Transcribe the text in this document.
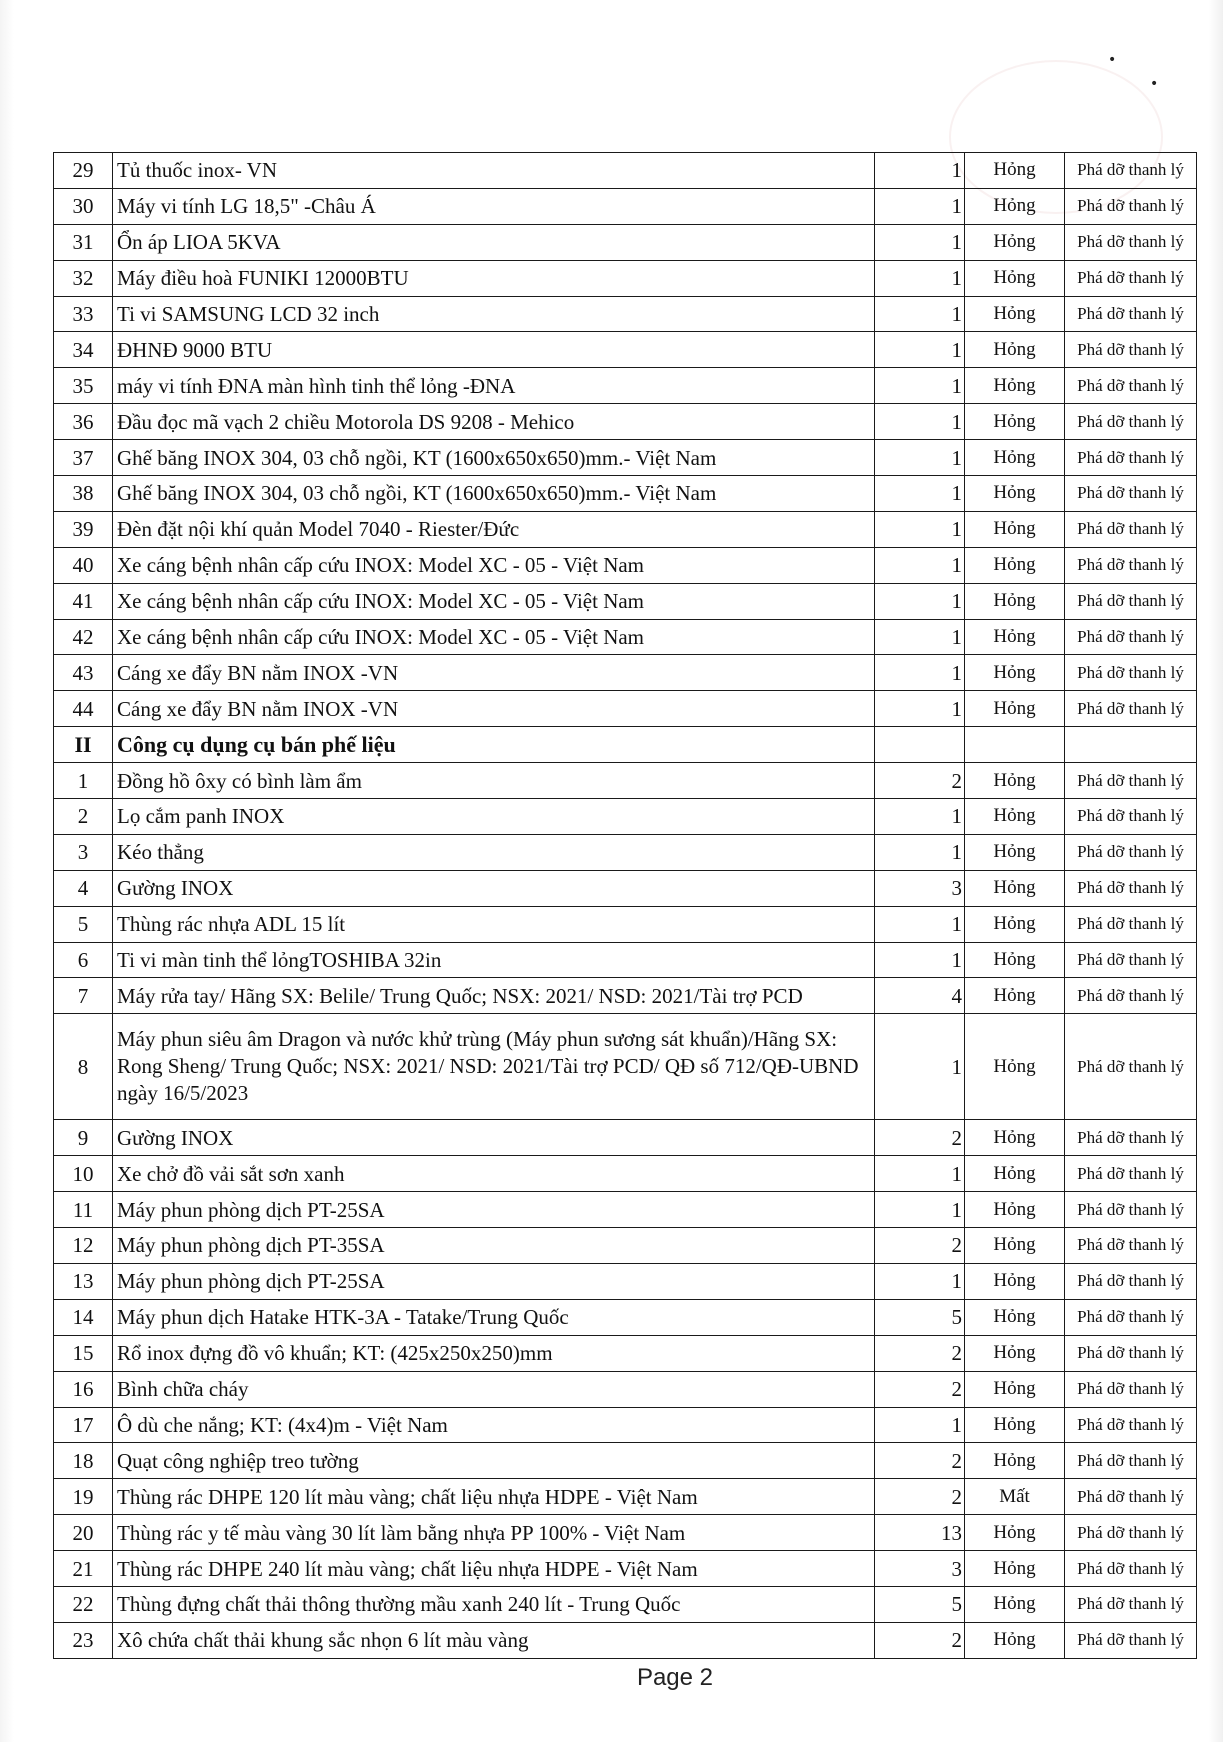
•
•
29	Tủ thuốc inox- VN	1	Hỏng	Phá dỡ thanh lý
30	Máy vi tính LG 18,5" -Châu Á	1	Hỏng	Phá dỡ thanh lý
31	Ổn áp LIOA 5KVA	1	Hỏng	Phá dỡ thanh lý
32	Máy điều hoà FUNIKI 12000BTU	1	Hỏng	Phá dỡ thanh lý
33	Ti vi SAMSUNG LCD 32 inch	1	Hỏng	Phá dỡ thanh lý
34	ĐHNĐ 9000 BTU	1	Hỏng	Phá dỡ thanh lý
35	máy vi tính ĐNA màn hình tinh thể lỏng -ĐNA	1	Hỏng	Phá dỡ thanh lý
36	Đầu đọc mã vạch 2 chiều Motorola DS 9208 - Mehico	1	Hỏng	Phá dỡ thanh lý
37	Ghế băng INOX 304, 03 chỗ ngồi, KT (1600x650x650)mm.- Việt Nam	1	Hỏng	Phá dỡ thanh lý
38	Ghế băng INOX 304, 03 chỗ ngồi, KT (1600x650x650)mm.- Việt Nam	1	Hỏng	Phá dỡ thanh lý
39	Đèn đặt nội khí quản Model 7040 - Riester/Đức	1	Hỏng	Phá dỡ thanh lý
40	Xe cáng bệnh nhân cấp cứu INOX: Model XC - 05 - Việt Nam	1	Hỏng	Phá dỡ thanh lý
41	Xe cáng bệnh nhân cấp cứu INOX: Model XC - 05 - Việt Nam	1	Hỏng	Phá dỡ thanh lý
42	Xe cáng bệnh nhân cấp cứu INOX: Model XC - 05 - Việt Nam	1	Hỏng	Phá dỡ thanh lý
43	Cáng xe đẩy BN nằm INOX -VN	1	Hỏng	Phá dỡ thanh lý
44	Cáng xe đẩy BN nằm INOX -VN	1	Hỏng	Phá dỡ thanh lý
II	Công cụ dụng cụ bán phế liệu			
1	Đồng hồ ôxy có bình làm ẩm	2	Hỏng	Phá dỡ thanh lý
2	Lọ cắm panh INOX	1	Hỏng	Phá dỡ thanh lý
3	Kéo thẳng	1	Hỏng	Phá dỡ thanh lý
4	Gường INOX	3	Hỏng	Phá dỡ thanh lý
5	Thùng rác nhựa ADL 15 lít	1	Hỏng	Phá dỡ thanh lý
6	Ti vi màn tinh thể lỏngTOSHIBA 32in	1	Hỏng	Phá dỡ thanh lý
7	Máy rửa tay/ Hãng SX: Belile/ Trung Quốc; NSX: 2021/ NSD: 2021/Tài trợ PCD	4	Hỏng	Phá dỡ thanh lý
8	Máy phun siêu âm Dragon và nước khử trùng (Máy phun sương sát khuẩn)/Hãng SX: Rong Sheng/ Trung Quốc; NSX: 2021/ NSD: 2021/Tài trợ PCD/ QĐ số 712/QĐ-UBND ngày 16/5/2023	1	Hỏng	Phá dỡ thanh lý
9	Gường INOX	2	Hỏng	Phá dỡ thanh lý
10	Xe chở đồ vải sắt sơn xanh	1	Hỏng	Phá dỡ thanh lý
11	Máy phun phòng dịch PT-25SA	1	Hỏng	Phá dỡ thanh lý
12	Máy phun phòng dịch PT-35SA	2	Hỏng	Phá dỡ thanh lý
13	Máy phun phòng dịch PT-25SA	1	Hỏng	Phá dỡ thanh lý
14	Máy phun dịch Hatake HTK-3A - Tatake/Trung Quốc	5	Hỏng	Phá dỡ thanh lý
15	Rổ inox đựng đồ vô khuẩn; KT: (425x250x250)mm	2	Hỏng	Phá dỡ thanh lý
16	Bình chữa cháy	2	Hỏng	Phá dỡ thanh lý
17	Ô dù che nắng; KT: (4x4)m - Việt Nam	1	Hỏng	Phá dỡ thanh lý
18	Quạt công nghiệp treo tường	2	Hỏng	Phá dỡ thanh lý
19	Thùng rác DHPE 120 lít màu vàng; chất liệu nhựa HDPE - Việt Nam	2	Mất	Phá dỡ thanh lý
20	Thùng rác y tế màu vàng 30 lít làm bằng nhựa PP 100% - Việt Nam	13	Hỏng	Phá dỡ thanh lý
21	Thùng rác DHPE 240 lít màu vàng; chất liệu nhựa HDPE - Việt Nam	3	Hỏng	Phá dỡ thanh lý
22	Thùng đựng chất thải thông thường mầu xanh 240 lít - Trung Quốc	5	Hỏng	Phá dỡ thanh lý
23	Xô chứa chất thải khung sắc nhọn 6 lít màu vàng	2	Hỏng	Phá dỡ thanh lý
Page 2
